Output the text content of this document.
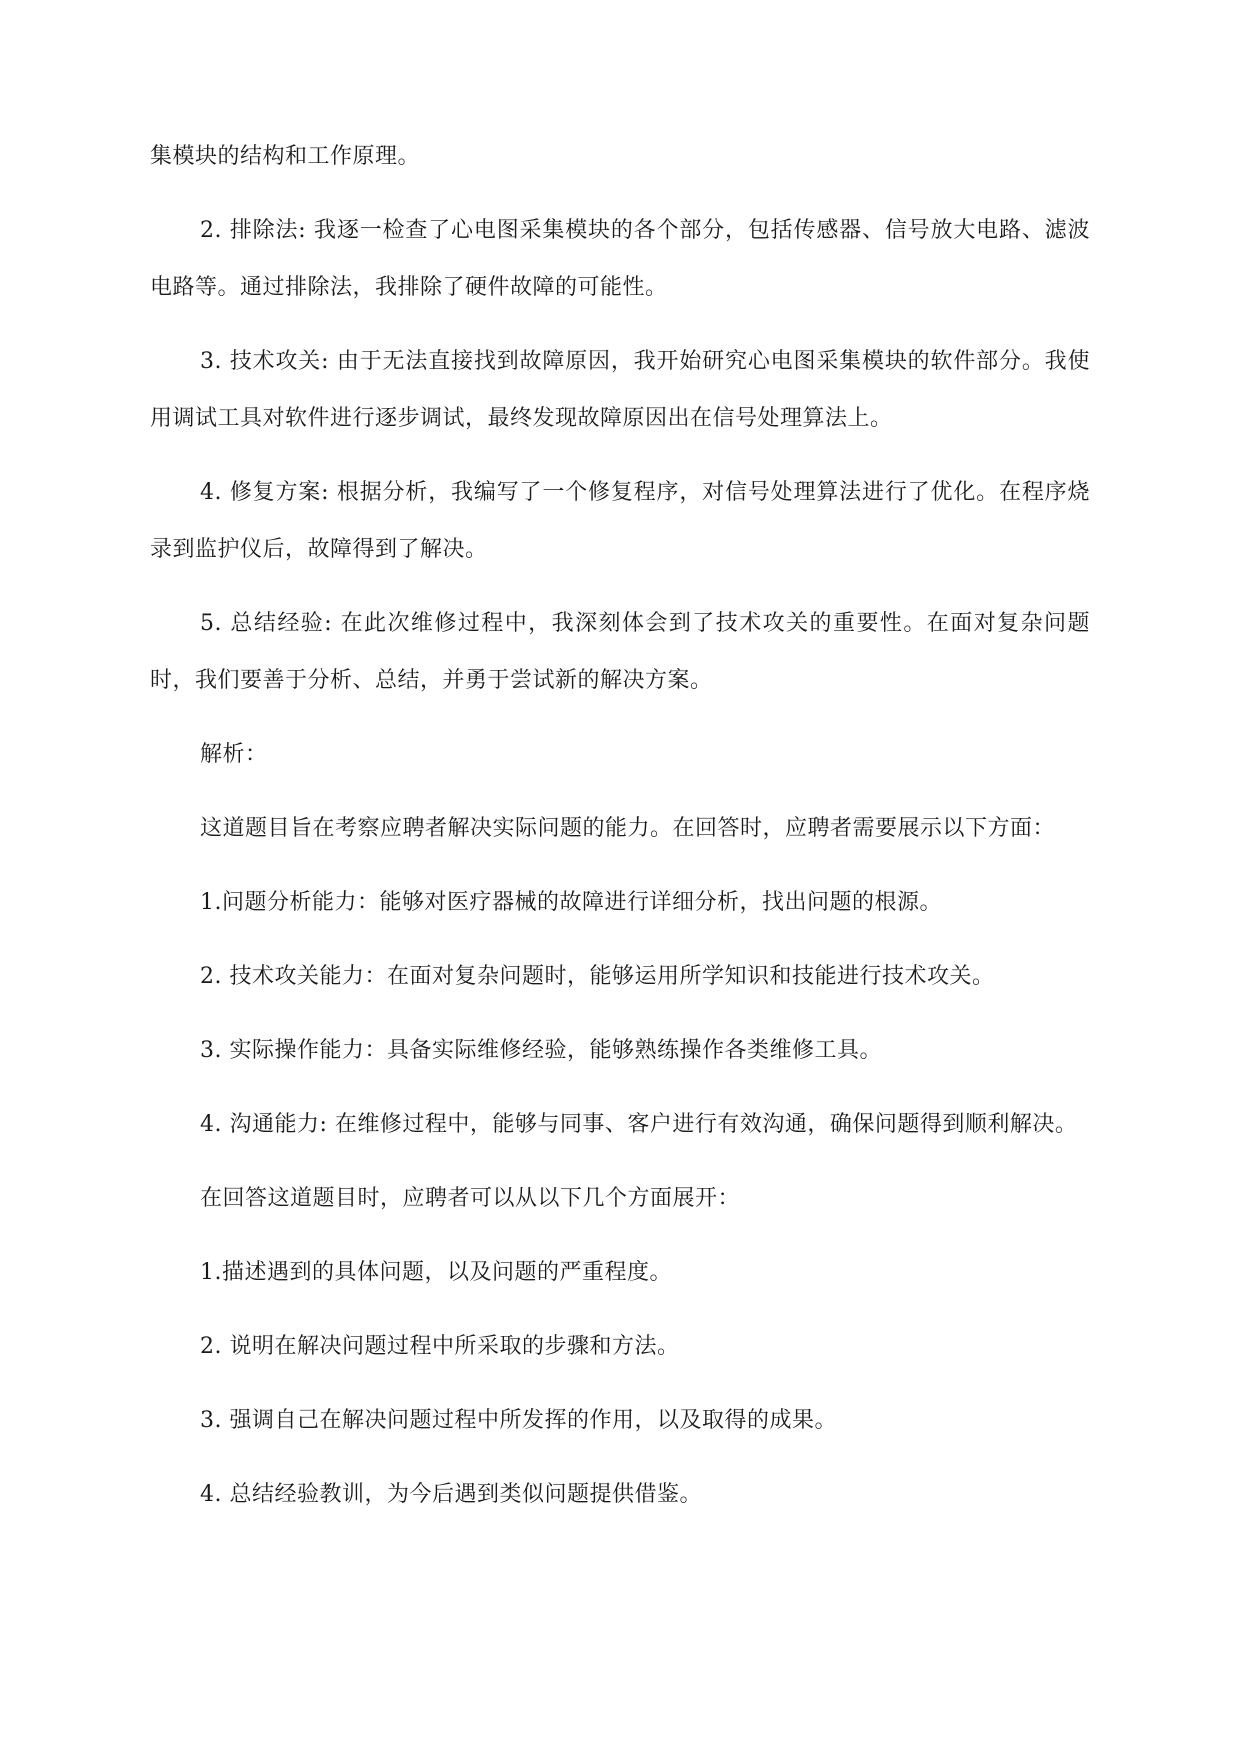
集模块的结构和工作原理。

2. 排除法: 我逐一检查了心电图采集模块的各个部分，包括传感器、信号放大电路、滤波电路等。通过排除法，我排除了硬件故障的可能性。

3. 技术攻关: 由于无法直接找到故障原因，我开始研究心电图采集模块的软件部分。我使用调试工具对软件进行逐步调试，最终发现故障原因出在信号处理算法上。

4. 修复方案: 根据分析，我编写了一个修复程序，对信号处理算法进行了优化。在程序烧录到监护仪后，故障得到了解决。

5. 总结经验: 在此次维修过程中，我深刻体会到了技术攻关的重要性。在面对复杂问题时，我们要善于分析、总结，并勇于尝试新的解决方案。

解析：

这道题目旨在考察应聘者解决实际问题的能力。在回答时，应聘者需要展示以下方面：

1.问题分析能力：能够对医疗器械的故障进行详细分析，找出问题的根源。

2. 技术攻关能力：在面对复杂问题时，能够运用所学知识和技能进行技术攻关。

3. 实际操作能力：具备实际维修经验，能够熟练操作各类维修工具。

4. 沟通能力: 在维修过程中，能够与同事、客户进行有效沟通，确保问题得到顺利解决。

在回答这道题目时，应聘者可以从以下几个方面展开：

1.描述遇到的具体问题，以及问题的严重程度。

2. 说明在解决问题过程中所采取的步骤和方法。

3. 强调自己在解决问题过程中所发挥的作用，以及取得的成果。

4. 总结经验教训，为今后遇到类似问题提供借鉴。
